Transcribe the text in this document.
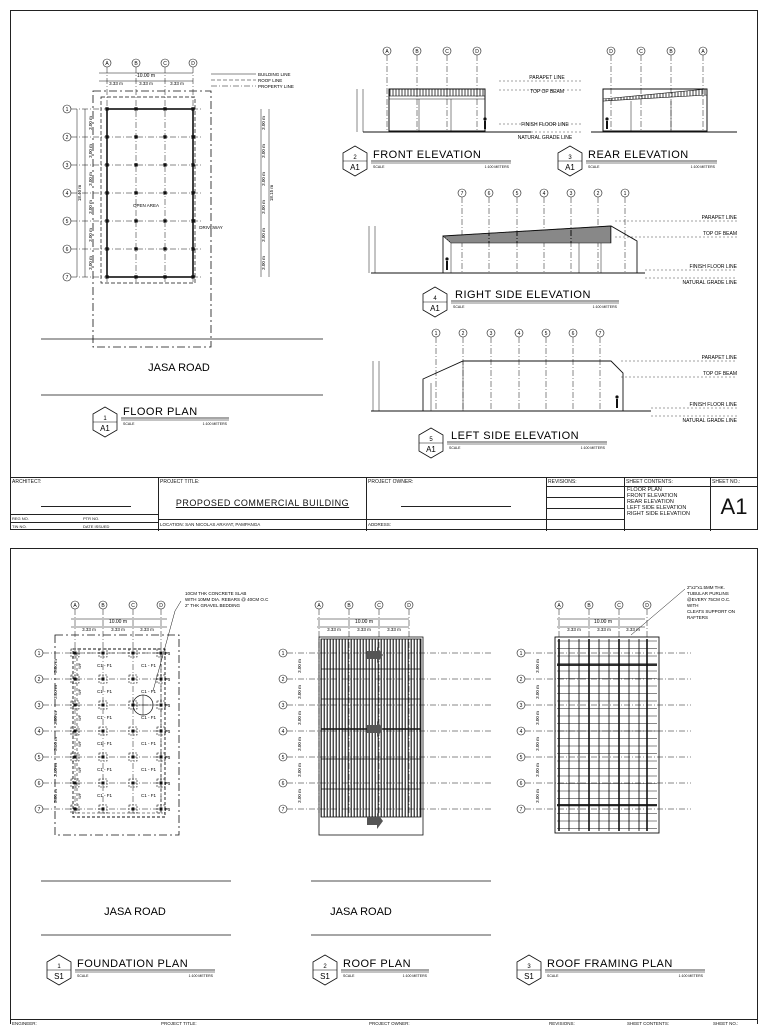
A	B	C	D
1
2
3
4
5
6
7
10.00 m
3.33 m	3.33 m	3.33 m
BUILDING LINE
ROOF LINE
PROPERTY LINE
OPEN AREA
DRIVEWAY
18.40 m
3.00 m	3.00 m
3.00 m	3.00 m
3.00 m	3.00 m
3.00 m	3.00 m
3.00 m	3.00 m
3.00 m	3.00 m
18.15 m
JASA ROAD
1
A1
FLOOR PLAN
SCALE	1:100 METERS
A	B	C	D
PARAPET LINE
TOP OF BEAM
FINISH FLOOR LINE
NATURAL GRADE LINE
2
A1
FRONT ELEVATION
SCALE	1:100 METERS
D	C	B	A
3
A1
REAR ELEVATION
SCALE	1:100 METERS
7	6	5	4	3	2	1
PARAPET LINE
TOP OF BEAM
FINISH FLOOR LINE
NATURAL GRADE LINE
4
A1
RIGHT SIDE ELEVATION
SCALE	1:100 METERS
1	2	3	4	5	6	7
PARAPET LINE
TOP OF BEAM
FINISH FLOOR LINE
NATURAL GRADE LINE
5
A1
LEFT SIDE ELEVATION
SCALE	1:100 METERS
ARCHITECT:
REG NO.	PTR NO.
TIN NO.	DATE ISSUED
PROJECT TITLE:
PROPOSED COMMERCIAL BUILDING
LOCATION: SAN NICOLAS ARAYAT, PAMPANGA
PROJECT OWNER:
ADDRESS:
REVISIONS:	SHEET CONTENTS:
FLOOR PLAN
FRONT ELEVATION
REAR ELEVATION
LEFT SIDE ELEVATION
RIGHT SIDE ELEVATION
SHEET NO.:
A1
A	B	C	D
1
2
3
4
5
6
7
10.00 m
3.33 m	3.33 m	3.33 m
3.00 m
3.00 m
3.00 m
3.00 m
3.00 m
3.00 m
C1 - F1	C1 - F1
WF
C1 - F1	C1 - F1
WF
C1 - F1	C1 - F1
WF
C1 - F1	C1 - F1
WF
C1 - F1	C1 - F1
WF
C1 - F1	C1 - F1
WF
F1
F1
F1
F1
F1
F1
F1
10CM THK CONCRETE SLAB
WITH 10MM DIA. REBARS @ 40CM O.C
2" THK GRAVEL BEDDING
JASA ROAD
1
S1
FOUNDATION PLAN
SCALE	1:100 METERS
A	B	C	D
1
2
3
4
5
6
7
10.00 m
3.33 m	3.33 m	3.33 m
3.00 m
3.00 m
3.00 m
3.00 m
3.00 m
3.00 m
JASA ROAD
2
S1
ROOF PLAN
SCALE	1:100 METERS
A	B	C	D
1
2
3
4
5
6
7
10.00 m
3.33 m	3.33 m	3.33 m
3.00 m
3.00 m
3.00 m
3.00 m
3.00 m
3.00 m
2"x2"x1.5MM THK.
TUBULAR PURLINS
@EVERY 75CM O.C.
WITH
CLEATS SUPPORT ON
RAFTERS
3
S1
ROOF FRAMING PLAN
SCALE	1:100 METERS
ENGINEER:	PROJECT TITLE:	PROJECT OWNER:	REVISIONS:	SHEET CONTENTS:	SHEET NO.:
